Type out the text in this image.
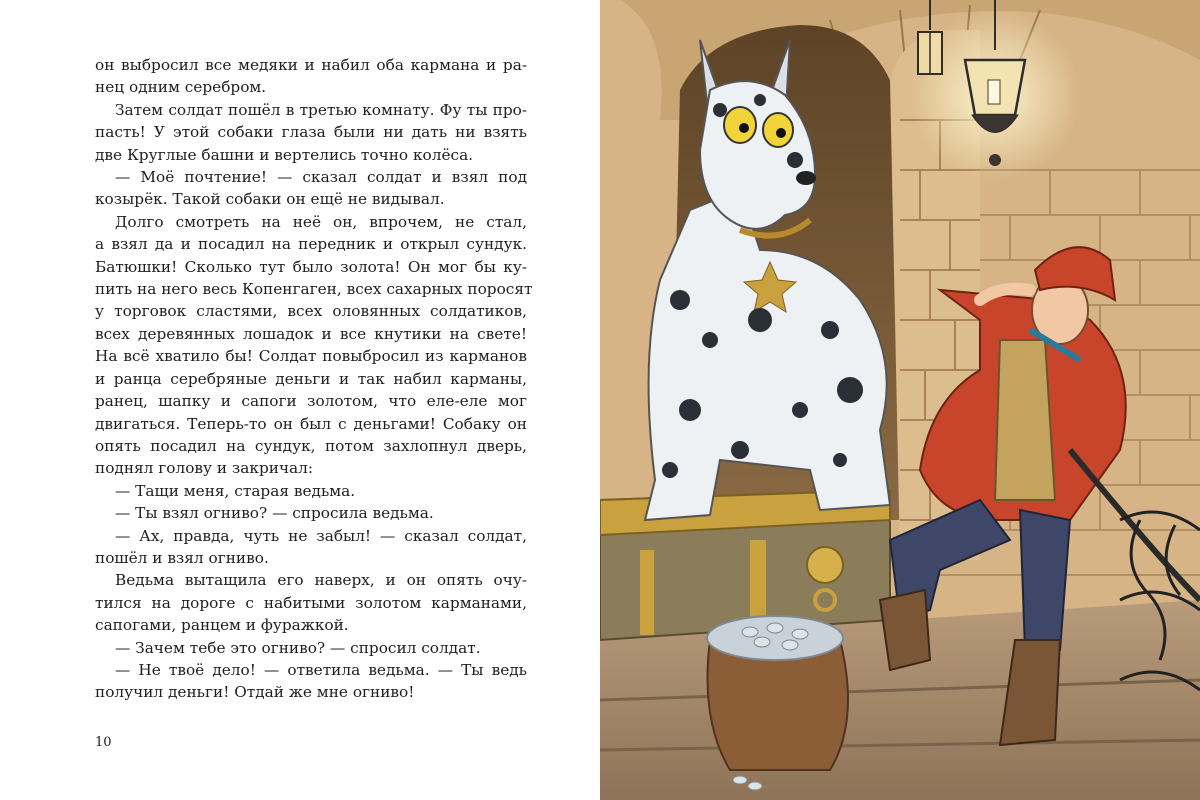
он выбросил все медяки и набил оба кармана и ра-
нец одним серебром.
Затем солдат пошёл в третью комнату. Фу ты про-
пасть! У этой собаки глаза были ни дать ни взять
две Круглые башни и вертелись точно колёса.
— Моё почтение! — сказал солдат и взял под
козырёк. Такой собаки он ещё не видывал.
Долго смотреть на неё он, впрочем, не стал,
а взял да и посадил на передник и открыл сундук.
Батюшки! Сколько тут было золота! Он мог бы ку-
пить на него весь Копенгаген, всех сахарных поросят
у торговок сластями, всех оловянных солдатиков,
всех деревянных лошадок и все кнутики на свете!
На всё хватило бы! Солдат повыбросил из карманов
и ранца серебряные деньги и так набил карманы,
ранец, шапку и сапоги золотом, что еле-еле мог
двигаться. Теперь-то он был с деньгами! Собаку он
опять посадил на сундук, потом захлопнул дверь,
поднял голову и закричал:
— Тащи меня, старая ведьма.
— Ты взял огниво? — спросила ведьма.
— Ах, правда, чуть не забыл! — сказал солдат,
пошёл и взял огниво.
Ведьма вытащила его наверх, и он опять очу-
тился на дороге с набитыми золотом карманами,
сапогами, ранцем и фуражкой.
— Зачем тебе это огниво? — спросил солдат.
— Не твоё дело! — ответила ведьма. — Ты ведь
получил деньги! Отдай же мне огниво!
10
